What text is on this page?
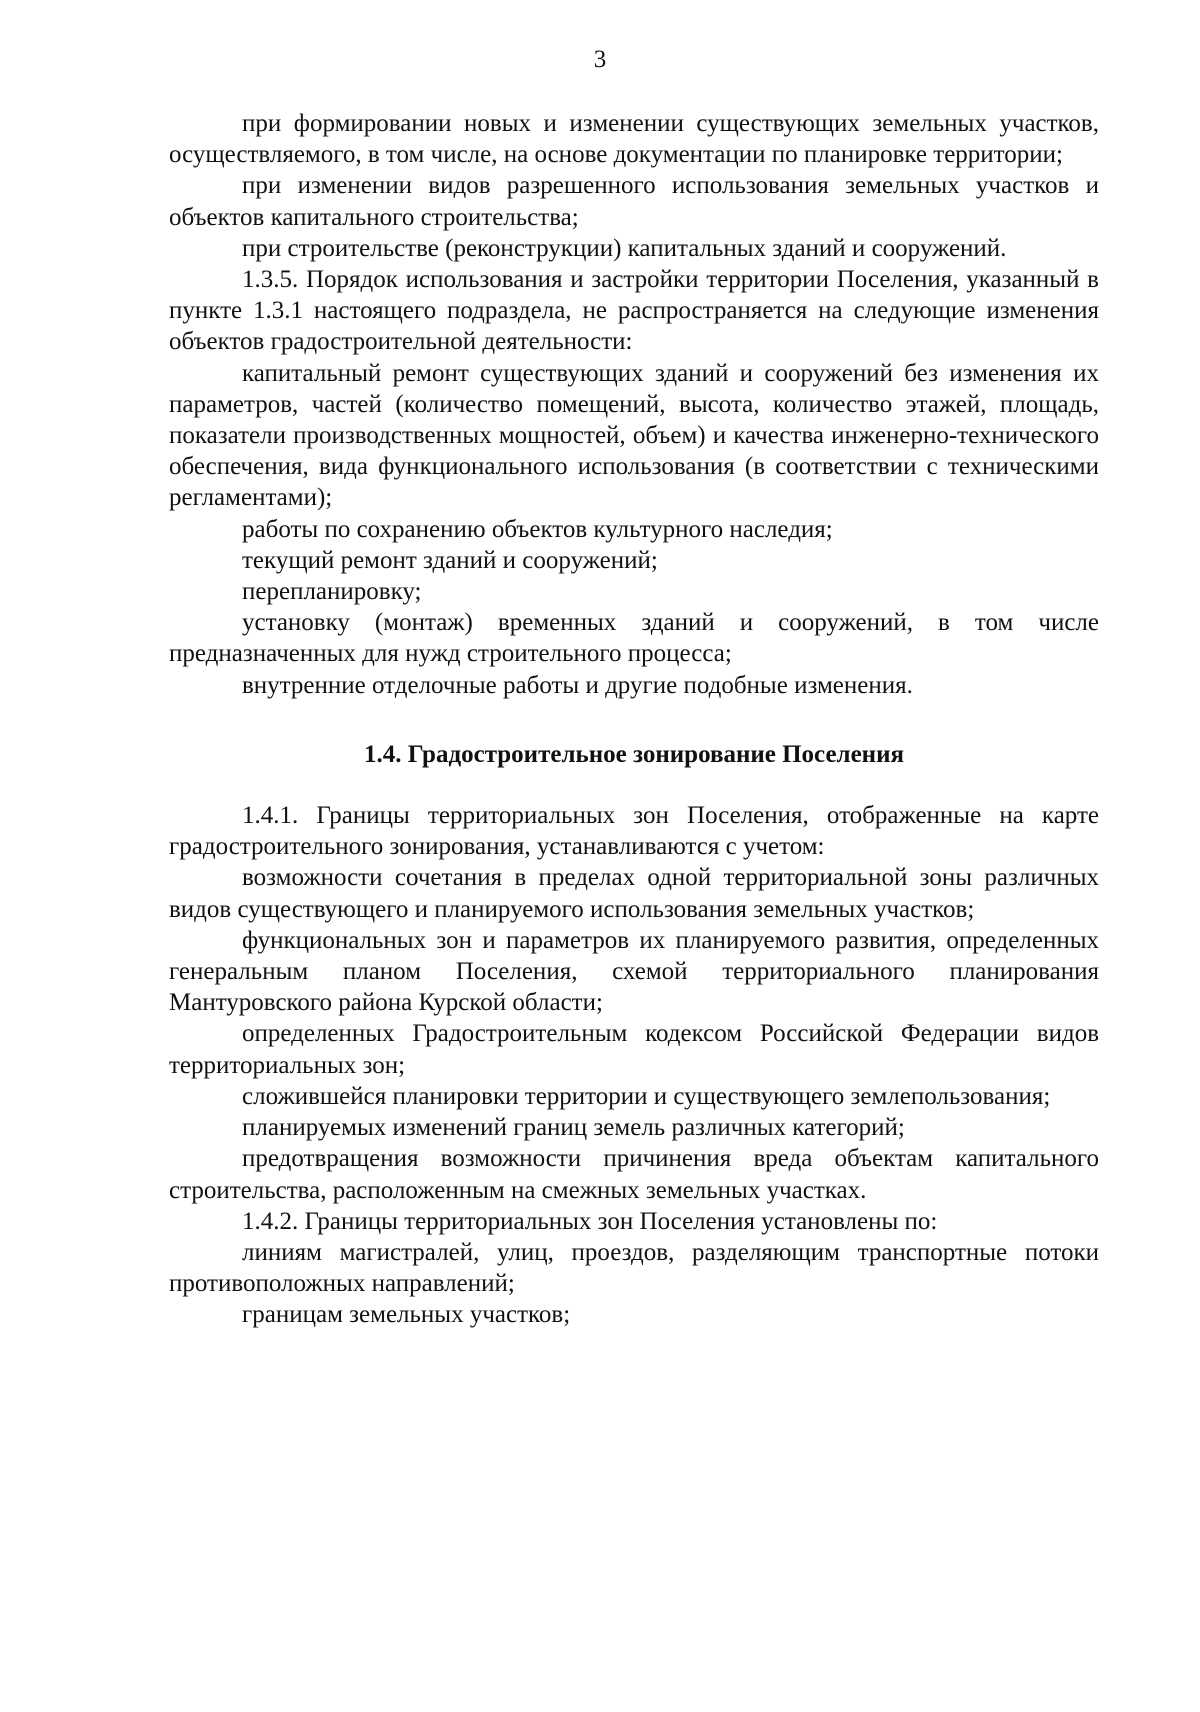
3

при формировании новых и изменении существующих земельных участков, осуществляемого, в том числе, на основе документации по планировке территории;

при изменении видов разрешенного использования земельных участков и объектов капитального строительства;

при строительстве (реконструкции) капитальных зданий и сооружений.

1.3.5. Порядок использования и застройки территории Поселения, указанный в пункте 1.3.1 настоящего подраздела, не распространяется на следующие изменения объектов градостроительной деятельности:

капитальный ремонт существующих зданий и сооружений без изменения их параметров, частей (количество помещений, высота, количество этажей, площадь, показатели производственных мощностей, объем) и качества инженерно-технического обеспечения, вида функционального использования (в соответствии с техническими регламентами);

работы по сохранению объектов культурного наследия;

текущий ремонт зданий и сооружений;

перепланировку;

установку (монтаж) временных зданий и сооружений, в том числе предназначенных для нужд строительного процесса;

внутренние отделочные работы и другие подобные изменения.

1.4. Градостроительное зонирование Поселения

1.4.1. Границы территориальных зон Поселения, отображенные на карте градостроительного зонирования, устанавливаются с учетом:

возможности сочетания в пределах одной территориальной зоны различных видов существующего и планируемого использования земельных участков;

функциональных зон и параметров их планируемого развития, определенных генеральным планом Поселения, схемой территориального планирования Мантуровского района Курской области;

определенных Градостроительным кодексом Российской Федерации видов территориальных зон;

сложившейся планировки территории и существующего землепользования;

планируемых изменений границ земель различных категорий;

предотвращения возможности причинения вреда объектам капитального строительства, расположенным на смежных земельных участках.

1.4.2. Границы территориальных зон Поселения установлены по:

линиям магистралей, улиц, проездов, разделяющим транспортные потоки противоположных направлений;

границам земельных участков;
